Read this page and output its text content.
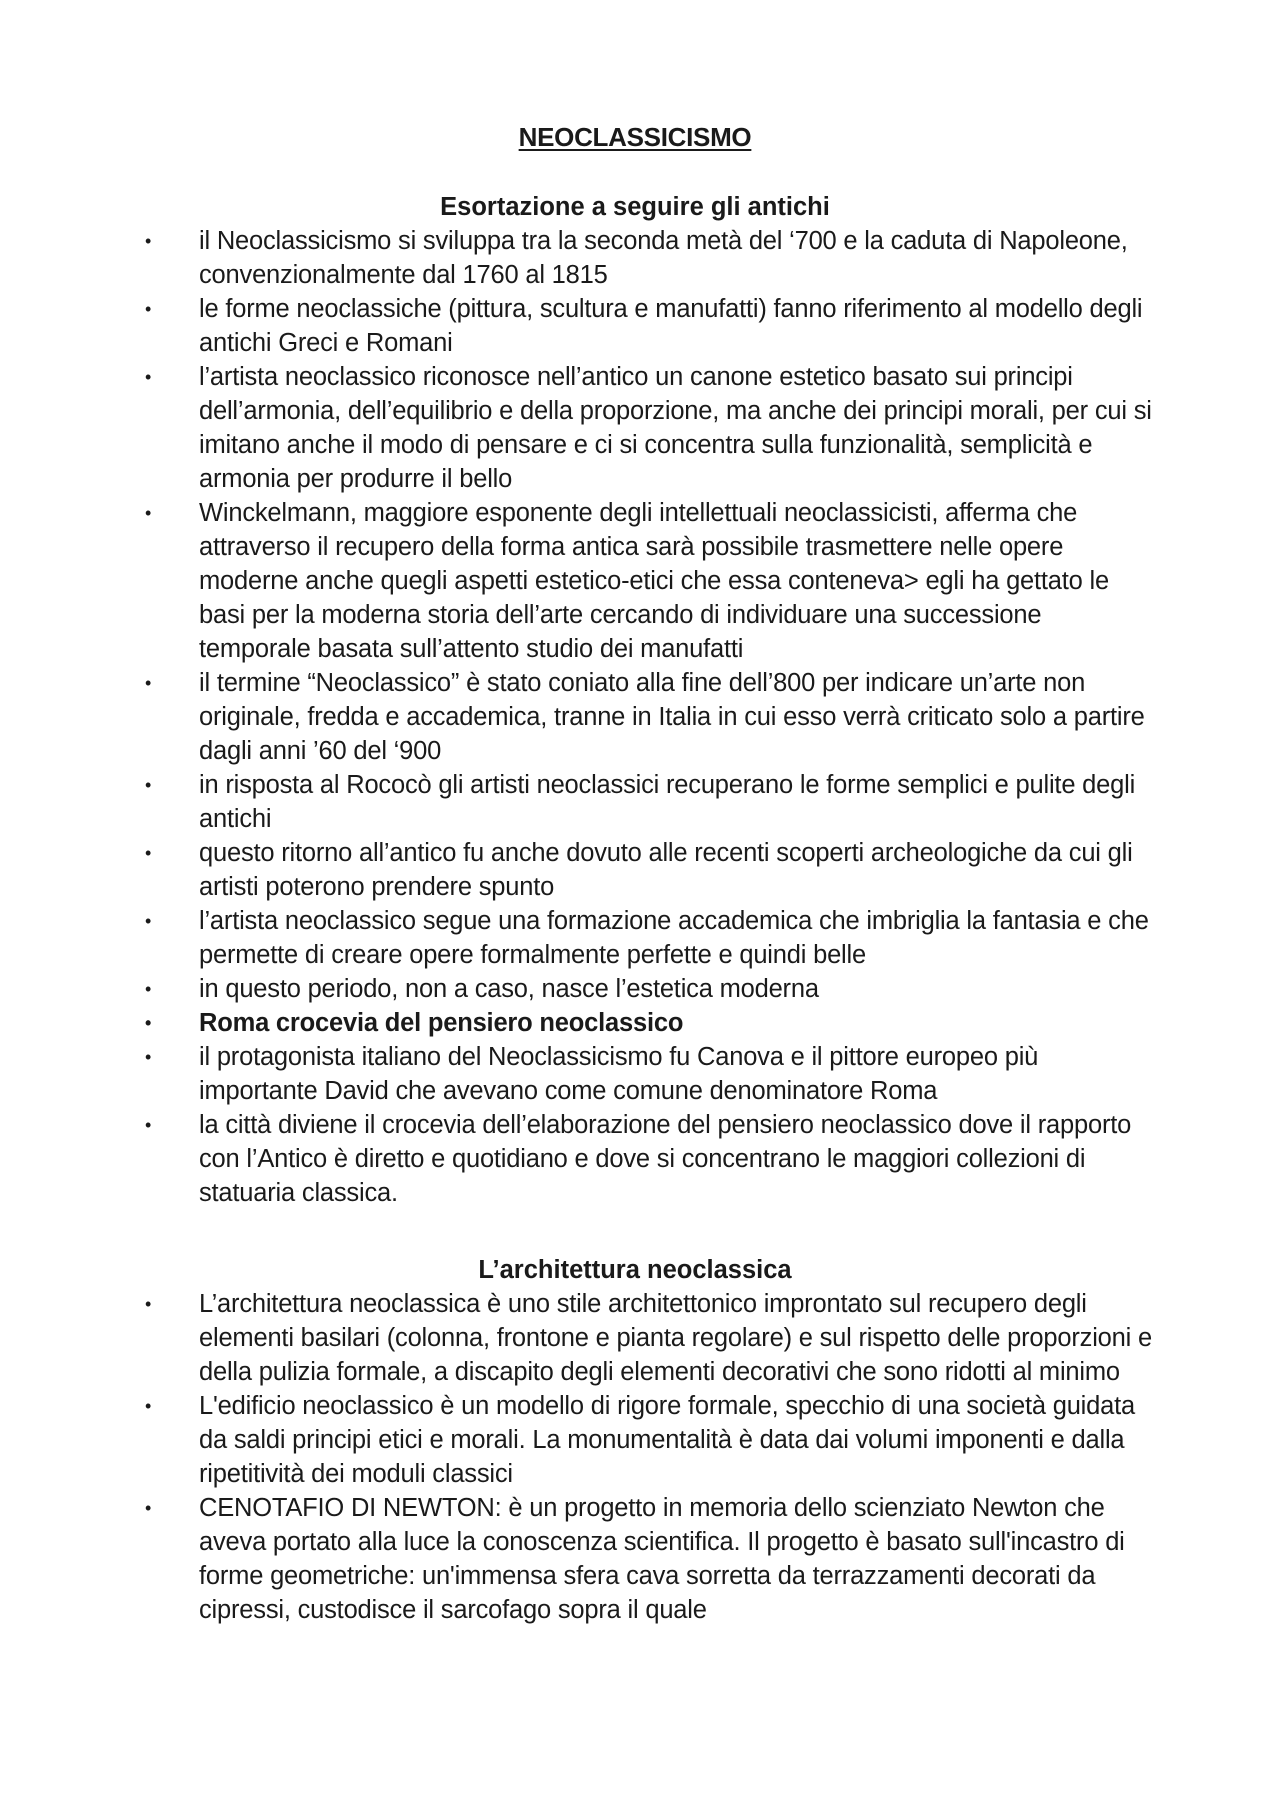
NEOCLASSICISMO
Esortazione a seguire gli antichi
• il Neoclassicismo si sviluppa tra la seconda metà del ‘700 e la caduta di Napoleone, convenzionalmente dal 1760 al 1815
• le forme neoclassiche (pittura, scultura e manufatti) fanno riferimento al modello degli antichi Greci e Romani
• l’artista neoclassico riconosce nell’antico un canone estetico basato sui principi dell’armonia, dell’equilibrio e della proporzione, ma anche dei principi morali, per cui si imitano anche il modo di pensare e ci si concentra sulla funzionalità, semplicità e armonia per produrre il bello
• Winckelmann, maggiore esponente degli intellettuali neoclassicisti, afferma che attraverso il recupero della forma antica sarà possibile trasmettere nelle opere moderne anche quegli aspetti estetico-etici che essa conteneva> egli ha gettato le basi per la moderna storia dell’arte cercando di individuare una successione temporale basata sull’attento studio dei manufatti
• il termine “Neoclassico” è stato coniato alla fine dell’800 per indicare un’arte non originale, fredda e accademica, tranne in Italia in cui esso verrà criticato solo a partire dagli anni ’60 del ‘900
• in risposta al Rococò gli artisti neoclassici recuperano le forme semplici e pulite degli antichi
• questo ritorno all’antico fu anche dovuto alle recenti scoperti archeologiche da cui gli artisti poterono prendere spunto
• l’artista neoclassico segue una formazione accademica che imbriglia la fantasia e che permette di creare opere formalmente perfette e quindi belle
• in questo periodo, non a caso, nasce l’estetica moderna
• Roma crocevia del pensiero neoclassico
• il protagonista italiano del Neoclassicismo fu Canova e il pittore europeo più importante David che avevano come comune denominatore Roma
• la città diviene il crocevia dell’elaborazione del pensiero neoclassico dove il rapporto con l’Antico è diretto e quotidiano e dove si concentrano le maggiori collezioni di statuaria classica.
L’architettura neoclassica
• L’architettura neoclassica è uno stile architettonico improntato sul recupero degli elementi basilari (colonna, frontone e pianta regolare) e sul rispetto delle proporzioni e della pulizia formale, a discapito degli elementi decorativi che sono ridotti al minimo
• L'edificio neoclassico è un modello di rigore formale, specchio di una società guidata da saldi principi etici e morali. La monumentalità è data dai volumi imponenti e dalla ripetitività dei moduli classici
• CENOTAFIO DI NEWTON: è un progetto in memoria dello scienziato Newton che aveva portato alla luce la conoscenza scientifica. Il progetto è basato sull'incastro di forme geometriche: un'immensa sfera cava sorretta da terrazzamenti decorati da cipressi, custodisce il sarcofago sopra il quale
